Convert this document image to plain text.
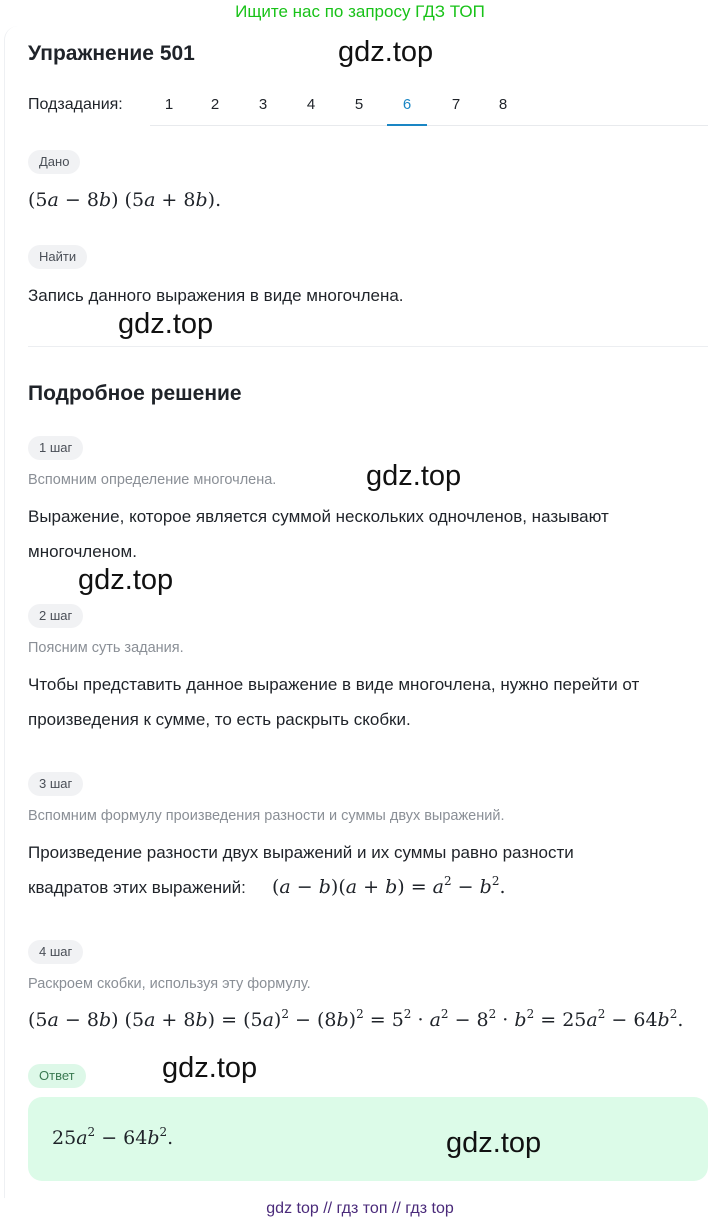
Ищите нас по запросу ГДЗ ТОП
Упражнение 501	gdz.top
Подзадания:	1	2	3	4	5	6	7	8
Дано
(5a − 8b) (5a + 8b).
Найти
Запись данного выражения в виде многочлена.
gdz.top
Подробное решение
1 шаг
Вспомним определение многочлена.	gdz.top
Выражение, которое является суммой нескольких одночленов, называют
многочленом.
gdz.top
2 шаг
Поясним суть задания.
Чтобы представить данное выражение в виде многочлена, нужно перейти от
произведения к сумме, то есть раскрыть скобки.
3 шаг
Вспомним формулу произведения разности и суммы двух выражений.
Произведение разности двух выражений и их суммы равно разности
квадратов этих выражений: $(a - b)(a + b) = a^2 - b^2$.
4 шаг
Раскроем скобки, используя эту формулу.
(5a − 8b) $(5a + 8b) = (5a)^2 - (8b)^2 = 5^2 \cdot a^2 - 8^2 \cdot b^2 = 25a^2 - 64b^2$.
Ответ	gdz.top
$25a^2 - 64b^2$.	gdz.top
gdz top // гдз топ // гдз top
